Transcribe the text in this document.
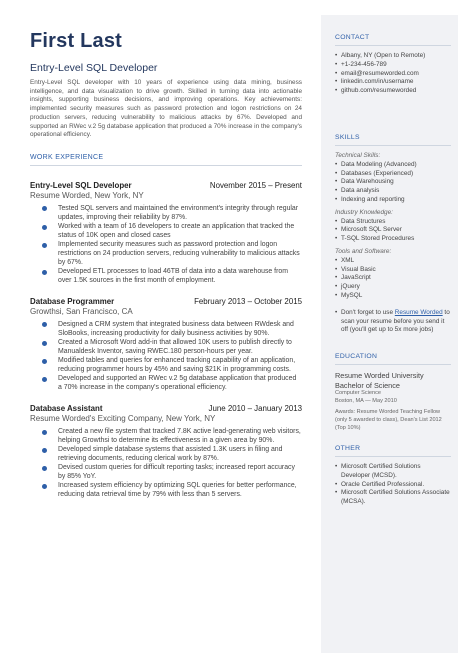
First Last
Entry-Level SQL Developer

Entry-Level SQL developer with 10 years of experience using data mining, business intelligence, and data visualization to drive growth. Skilled in turning data into actionable insights, supporting business decisions, and improving operations. Key achievements: implemented security measures such as password protection and logon restrictions on 24 production servers, reducing vulnerability to malicious attacks by 67%. Developed and supported an RWec v.2 5g database application that produced a 70% increase in the company's operational efficiency.

WORK EXPERIENCE
Entry-Level SQL Developer	November 2015 – Present
Resume Worded, New York, NY
Tested SQL servers and maintained the environment's integrity through regular updates, improving their reliability by 87%.
Worked with a team of 16 developers to create an application that tracked the status of 10K open and closed cases
Implemented security measures such as password protection and logon restrictions on 24 production servers, reducing vulnerability to malicious attacks by 67%.
Developed ETL processes to load 46TB of data into a data warehouse from over 1.5K sources in the first month of employment.
Database Programmer	February 2013 – October 2015
Growthsi, San Francisco, CA
Designed a CRM system that integrated business data between RWdesk and SloBooks, increasing productivity for daily business activities by 90%.
Created a Microsoft Word add-in that allowed 10K users to publish directly to Manualdesk Inventor, saving RWEC.180 person-hours per year.
Modified tables and queries for enhanced tracking capability of an application, reducing programmer hours by 45% and saving $21K in programming costs.
Developed and supported an RWec v.2 5g database application that produced a 70% increase in the company's operational efficiency.
Database Assistant	June 2010 – January 2013
Resume Worded's Exciting Company, New York, NY
Created a new file system that tracked 7.8K active lead-generating web visitors, helping Growthsi to determine its effectiveness in a given area by 90%.
Developed simple database systems that assisted 1.3K users in filing and retrieving documents, reducing clerical work by 87%.
Devised custom queries for difficult reporting tasks; increased report accuracy by 85% YoY.
Increased system efficiency by optimizing SQL queries for better performance, reducing data retrieval time by 79% with less than 5 servers.
CONTACT
• Albany, NY (Open to Remote)
• +1-234-456-789
• email@resumeworded.com
• linkedin.com/in/username
• github.com/resumeworded
SKILLS
Technical Skills:
• Data Modeling (Advanced)
• Databases (Experienced)
• Data Warehousing
• Data analysis
• Indexing and reporting
Industry Knowledge:
• Data Structures
• Microsoft SQL Server
• T-SQL Stored Procedures
Tools and Software:
• XML
• Visual Basic
• JavaScript
• jQuery
• MySQL
• Don't forget to use Resume Worded to scan your resume before you send it off (you'll get up to 5x more jobs)
EDUCATION
Resume Worded University
Bachelor of Science
Computer Science
Boston, MA — May 2010
Awards: Resume Worded Teaching Fellow (only 5 awarded to class), Dean's List 2012 (Top 10%)
OTHER
• Microsoft Certified Solutions Developer (MCSD).
• Oracle Certified Professional.
• Microsoft Certified Solutions Associate (MCSA).
